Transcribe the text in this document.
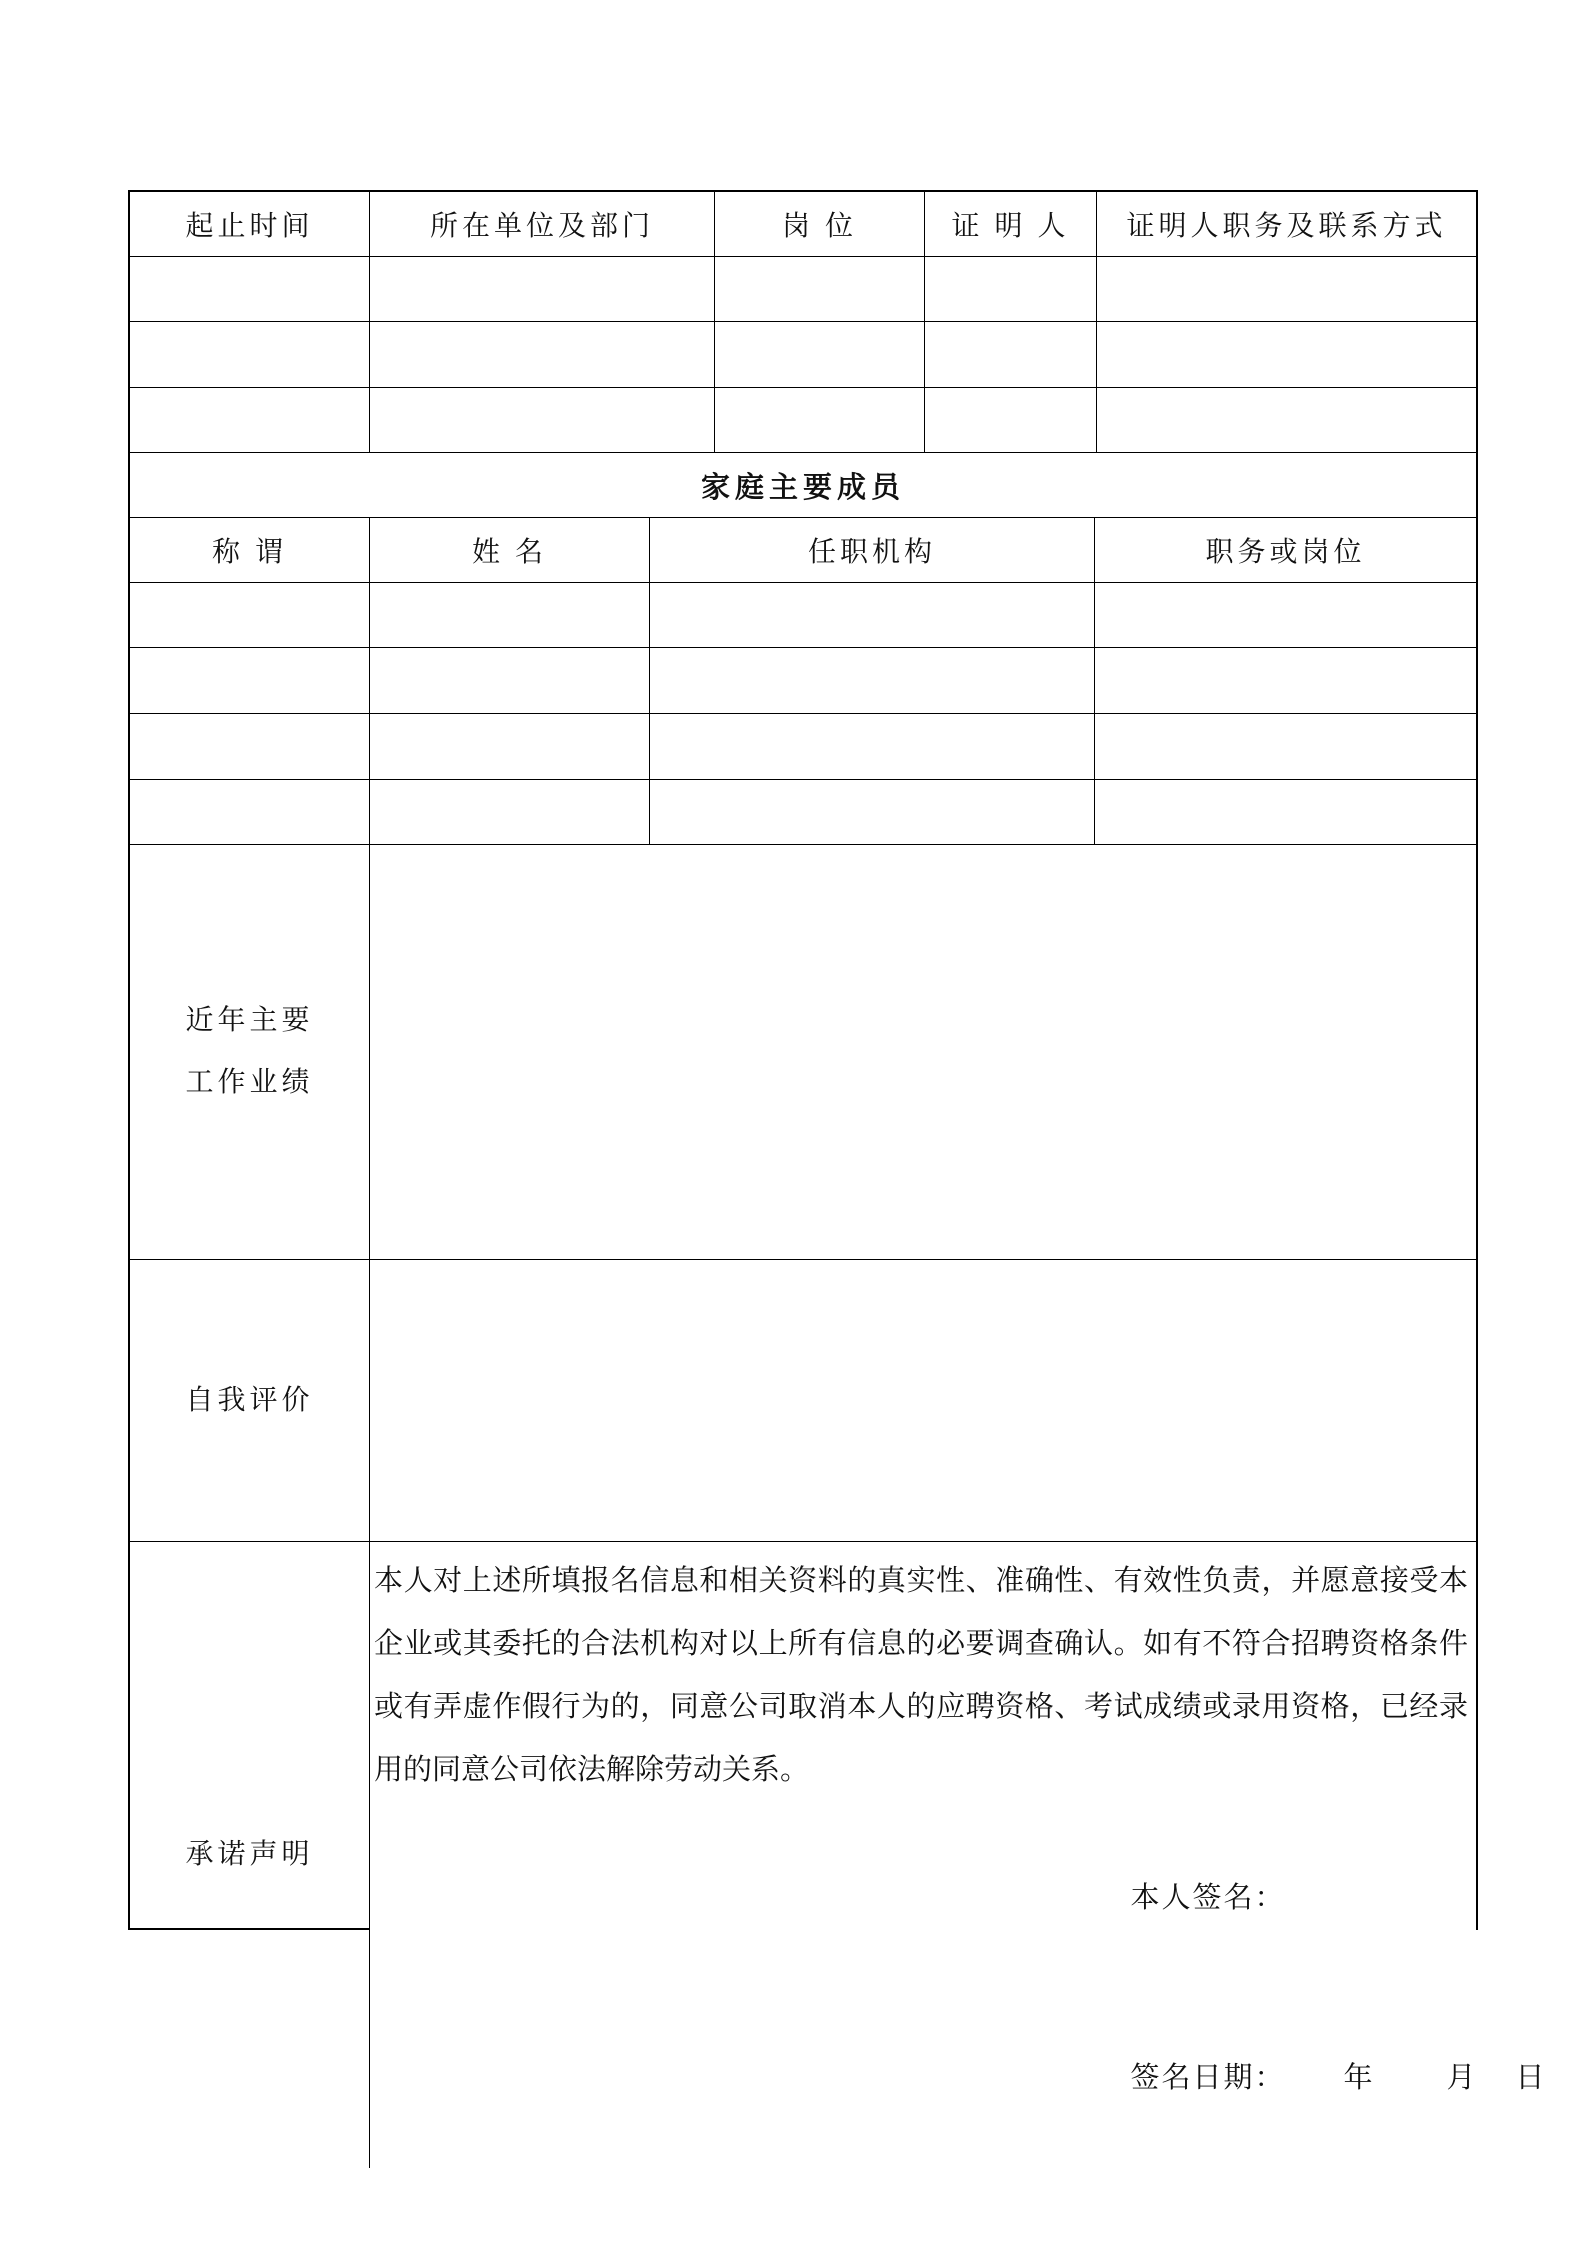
起止时间	所在单位及部门	岗 位	证 明 人	证明人职务及联系方式
家庭主要成员
称 谓	姓 名	任职机构	职务或岗位
近年主要
工作业绩
自我评价
承诺声明
本人对上述所填报名信息和相关资料的真实性、准确性、有效性负责，并愿意接受本
企业或其委托的合法机构对以上所有信息的必要调查确认。如有不符合招聘资格条件
或有弄虚作假行为的，同意公司取消本人的应聘资格、考试成绩或录用资格，已经录
用的同意公司依法解除劳动关系。

本人签名：

签名日期： 年 月 日
